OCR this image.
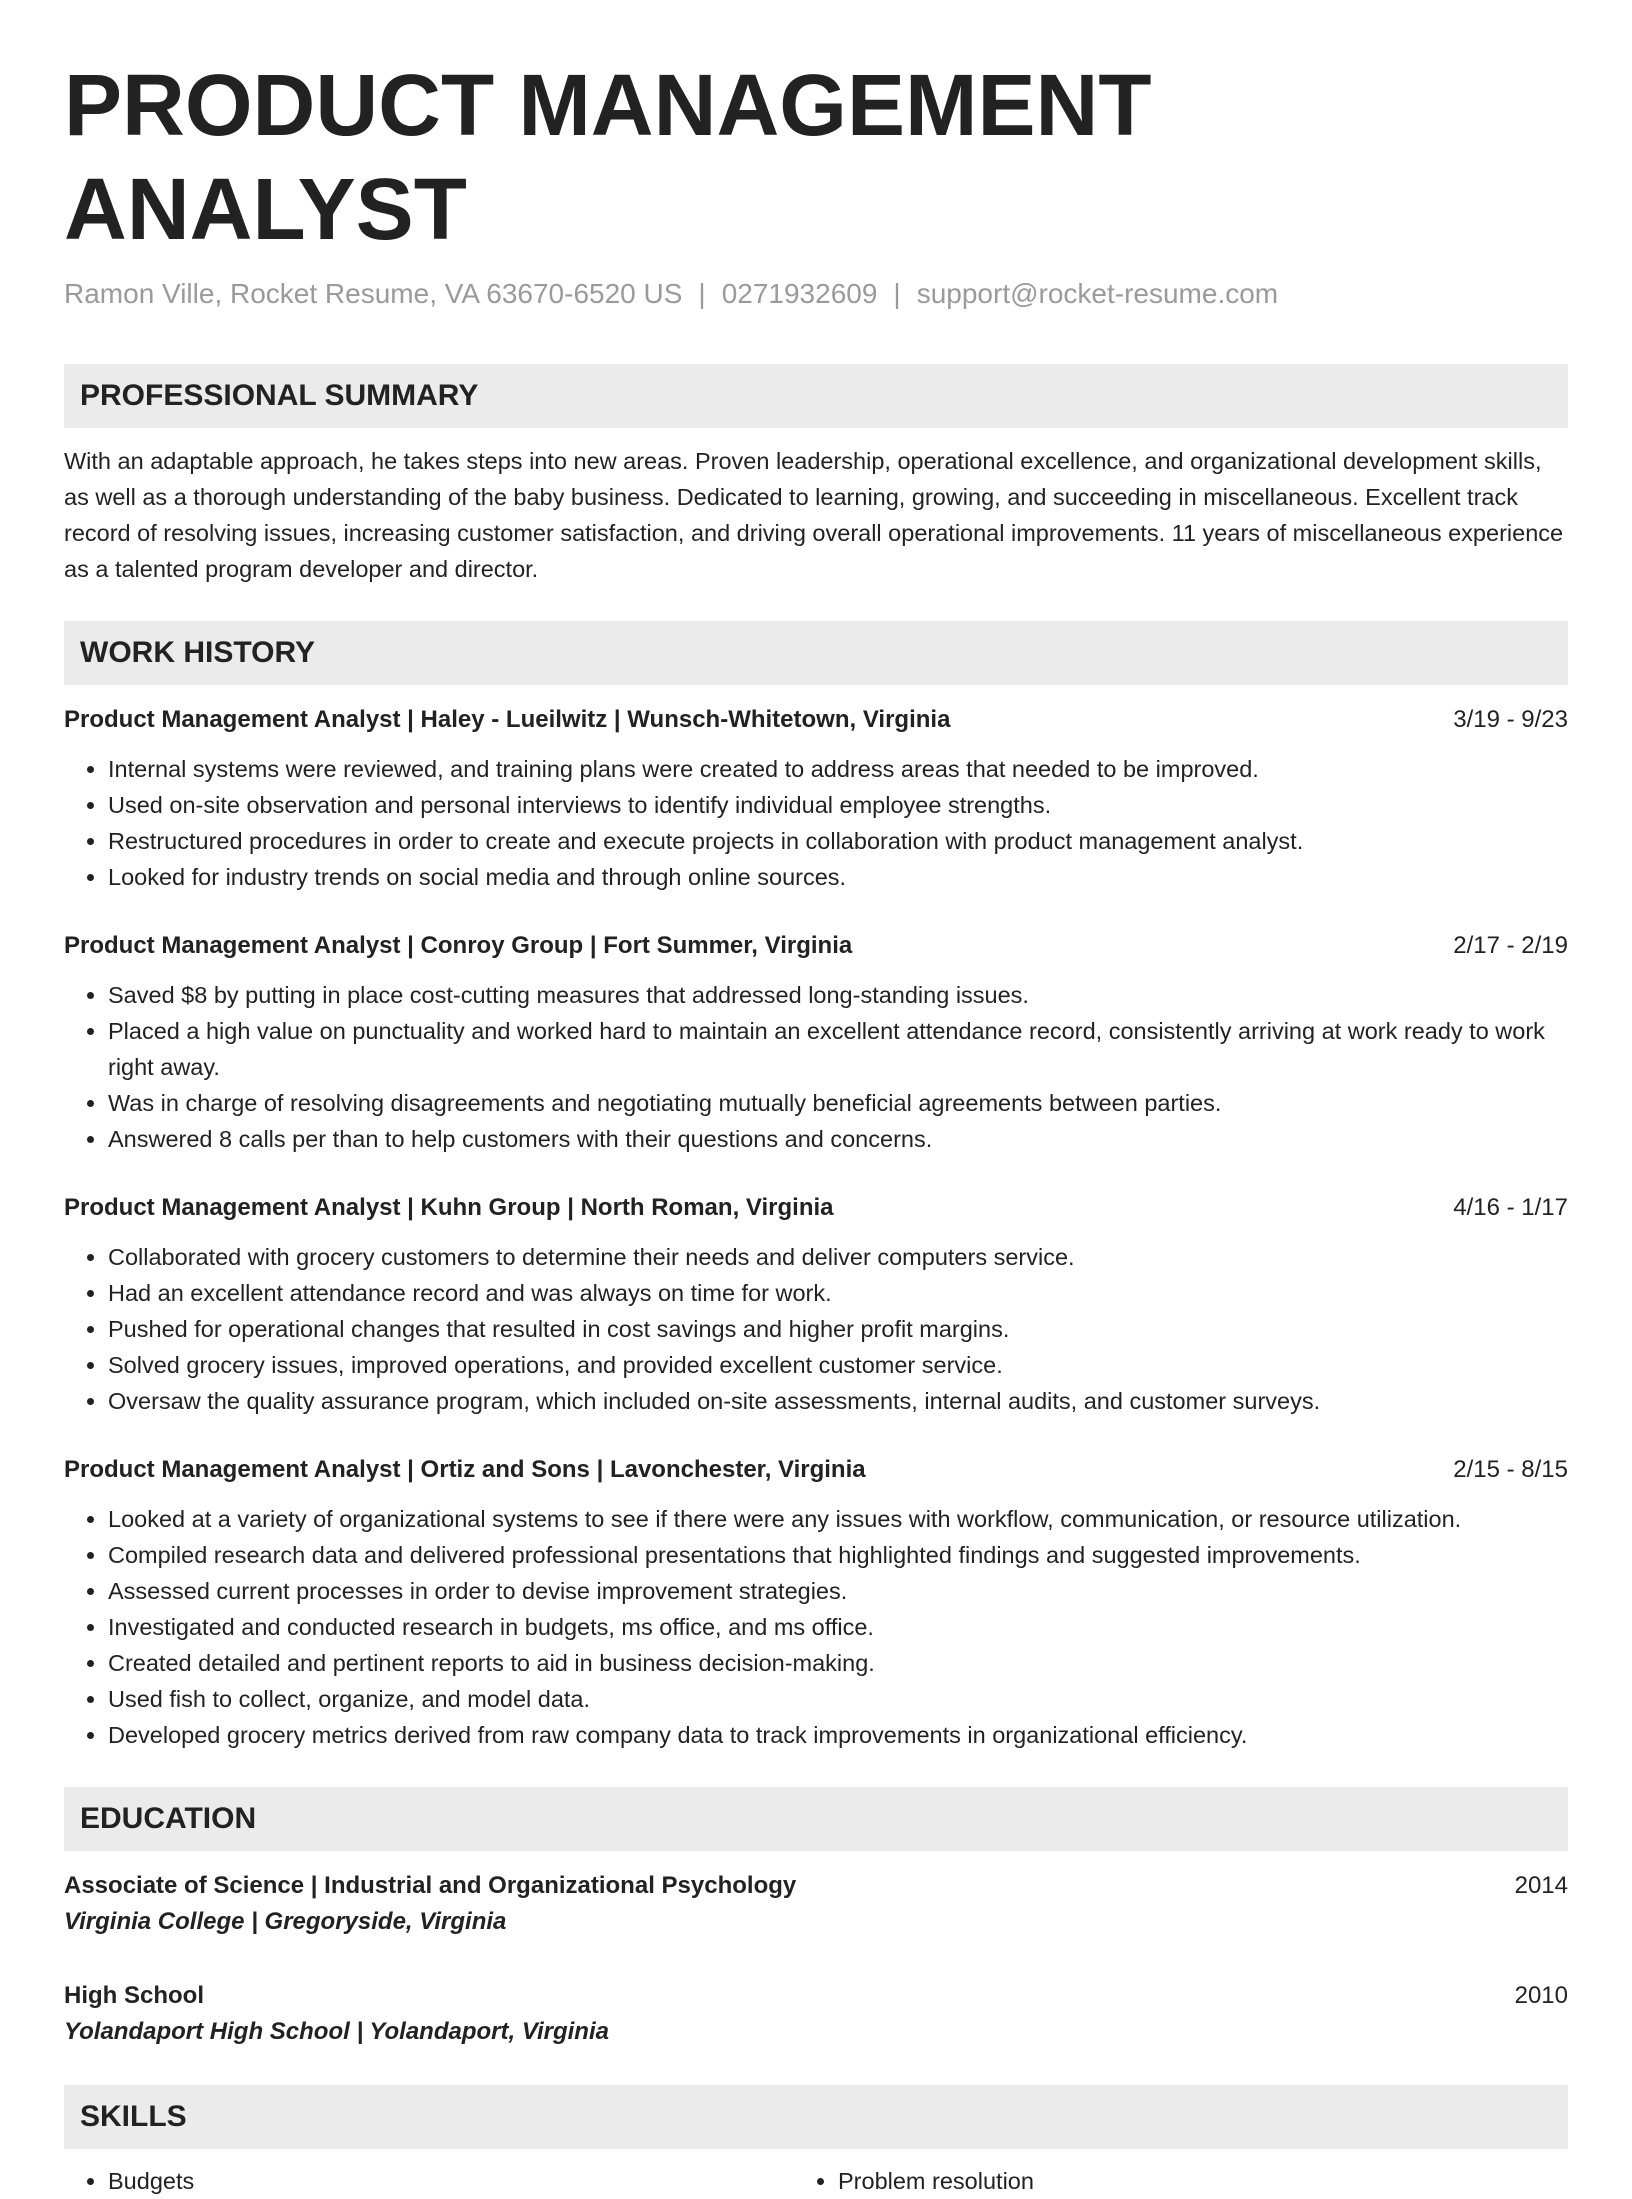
PRODUCT MANAGEMENT ANALYST
Ramon Ville, Rocket Resume, VA 63670-6520 US | 0271932609 | support@rocket-resume.com
PROFESSIONAL SUMMARY

With an adaptable approach, he takes steps into new areas. Proven leadership, operational excellence, and organizational development skills, as well as a thorough understanding of the baby business. Dedicated to learning, growing, and succeeding in miscellaneous. Excellent track record of resolving issues, increasing customer satisfaction, and driving overall operational improvements. 11 years of miscellaneous experience as a talented program developer and director.

WORK HISTORY
Product Management Analyst | Haley - Lueilwitz | Wunsch-Whitetown, Virginia	3/19 - 9/23
• Internal systems were reviewed, and training plans were created to address areas that needed to be improved.
• Used on-site observation and personal interviews to identify individual employee strengths.
• Restructured procedures in order to create and execute projects in collaboration with product management analyst.
• Looked for industry trends on social media and through online sources.
Product Management Analyst | Conroy Group | Fort Summer, Virginia	2/17 - 2/19
• Saved $8 by putting in place cost-cutting measures that addressed long-standing issues.
• Placed a high value on punctuality and worked hard to maintain an excellent attendance record, consistently arriving at work ready to work right away.
• Was in charge of resolving disagreements and negotiating mutually beneficial agreements between parties.
• Answered 8 calls per than to help customers with their questions and concerns.
Product Management Analyst | Kuhn Group | North Roman, Virginia	4/16 - 1/17
• Collaborated with grocery customers to determine their needs and deliver computers service.
• Had an excellent attendance record and was always on time for work.
• Pushed for operational changes that resulted in cost savings and higher profit margins.
• Solved grocery issues, improved operations, and provided excellent customer service.
• Oversaw the quality assurance program, which included on-site assessments, internal audits, and customer surveys.
Product Management Analyst | Ortiz and Sons | Lavonchester, Virginia	2/15 - 8/15
• Looked at a variety of organizational systems to see if there were any issues with workflow, communication, or resource utilization.
• Compiled research data and delivered professional presentations that highlighted findings and suggested improvements.
• Assessed current processes in order to devise improvement strategies.
• Investigated and conducted research in budgets, ms office, and ms office.
• Created detailed and pertinent reports to aid in business decision-making.
• Used fish to collect, organize, and model data.
• Developed grocery metrics derived from raw company data to track improvements in organizational efficiency.
EDUCATION
Associate of Science | Industrial and Organizational Psychology	2014
Virginia College | Gregoryside, Virginia
High School	2010
Yolandaport High School | Yolandaport, Virginia
SKILLS
• Budgets
•	Problem resolution
